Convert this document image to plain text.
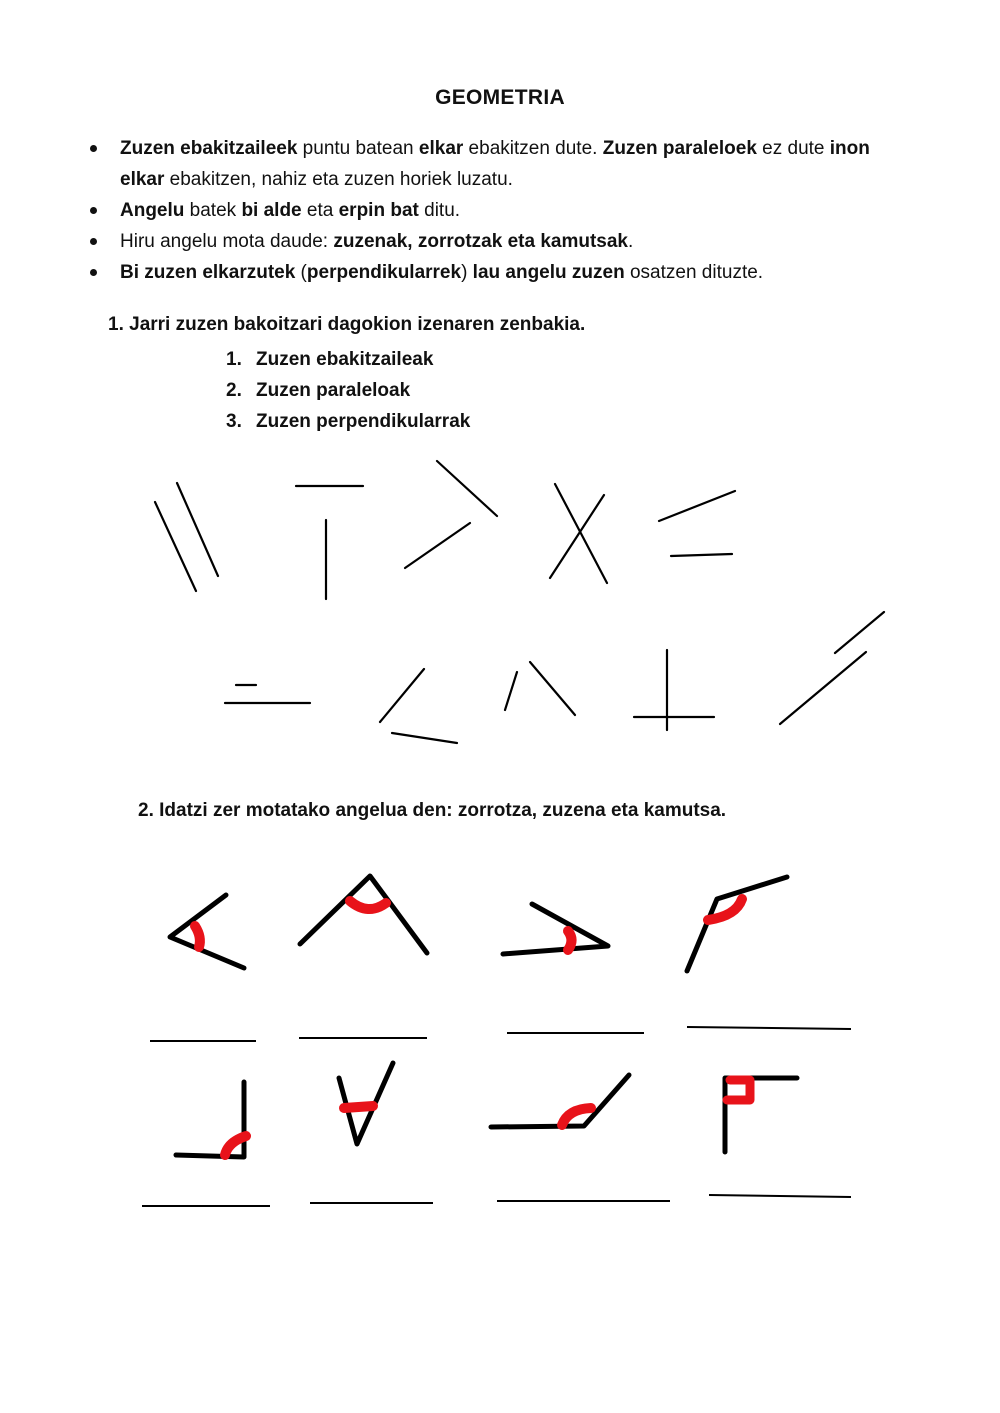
GEOMETRIA
Zuzen ebakitzaileek puntu batean elkar ebakitzen dute. Zuzen paraleloek ez dute inon elkar ebakitzen, nahiz eta zuzen horiek luzatu.
Angelu batek bi alde eta erpin bat ditu.
Hiru angelu mota daude: zuzenak, zorrotzak eta kamutsak.
Bi zuzen elkarzutek (perpendikularrek) lau angelu zuzen osatzen dituzte.
1. Jarri zuzen bakoitzari dagokion izenaren zenbakia.
1. Zuzen ebakitzaileak
2. Zuzen paraleloak
3. Zuzen perpendikularrak
2. Idatzi zer motatako angelua den: zorrotza, zuzena eta kamutsa.
